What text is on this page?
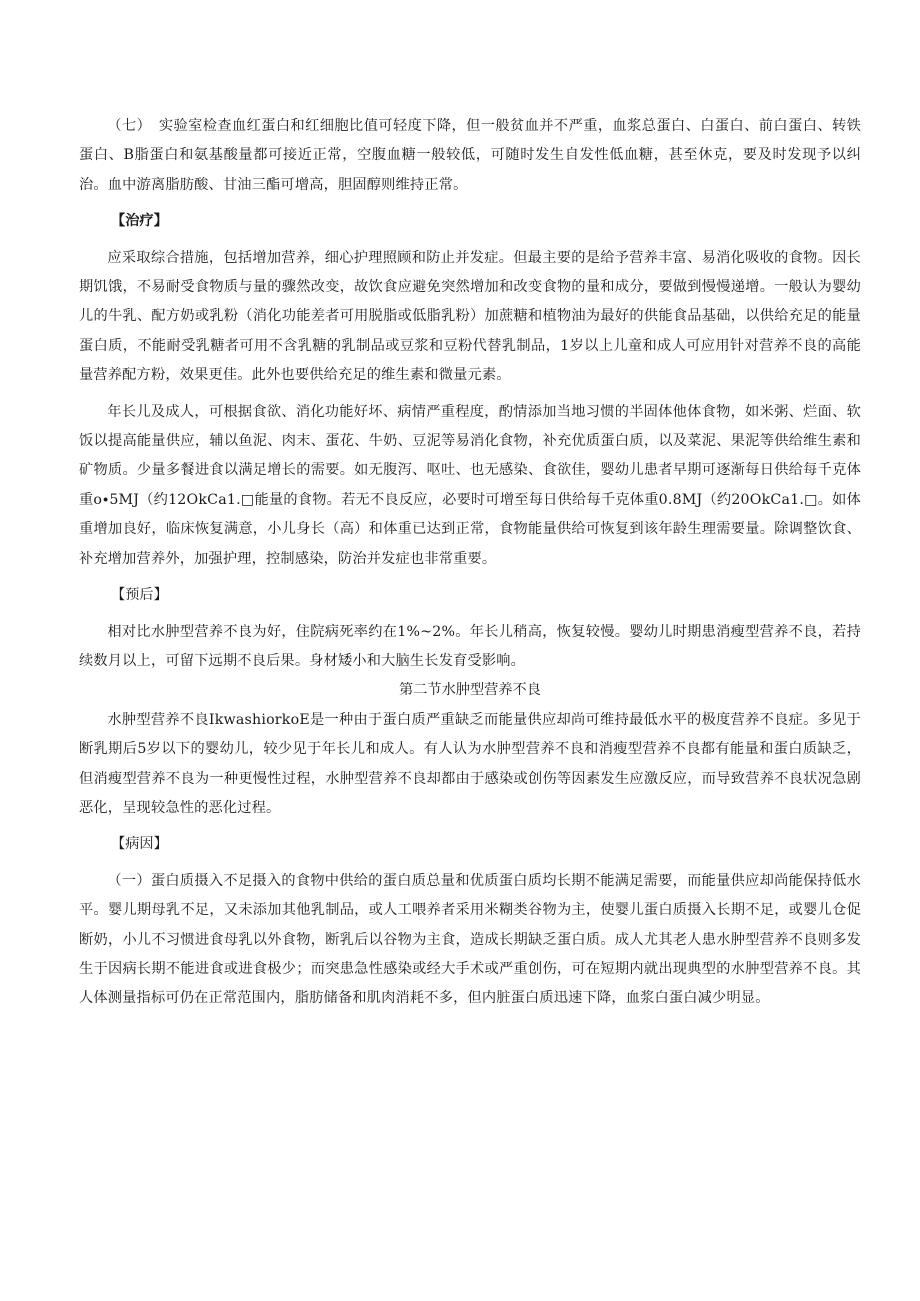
（七）　实验室检查血红蛋白和红细胞比值可轻度下降，但一般贫血并不严重，血浆总蛋白、白蛋白、前白蛋白、转铁蛋白、B脂蛋白和氨基酸量都可接近正常，空腹血糖一般较低，可随时发生自发性低血糖，甚至休克，要及时发现予以纠治。血中游离脂肪酸、甘油三酯可增高，胆固醇则维持正常。

【治疗】

应采取综合措施，包括增加营养，细心护理照顾和防止并发症。但最主要的是给予营养丰富、易消化吸收的食物。因长期饥饿，不易耐受食物质与量的骤然改变，故饮食应避免突然增加和改变食物的量和成分，要做到慢慢递增。一般认为婴幼儿的牛乳、配方奶或乳粉（消化功能差者可用脱脂或低脂乳粉）加蔗糖和植物油为最好的供能食品基础，以供给充足的能量蛋白质，不能耐受乳糖者可用不含乳糖的乳制品或豆浆和豆粉代替乳制品，1岁以上儿童和成人可应用针对营养不良的高能量营养配方粉，效果更佳。此外也要供给充足的维生素和微量元素。

年长儿及成人，可根据食欲、消化功能好坏、病情严重程度，酌情添加当地习惯的半固体他体食物，如米粥、烂面、软饭以提高能量供应，辅以鱼泥、肉末、蛋花、牛奶、豆泥等易消化食物，补充优质蛋白质，以及菜泥、果泥等供给维生素和矿物质。少量多餐进食以满足增长的需要。如无腹泻、呕吐、也无感染、食欲佳，婴幼儿患者早期可逐渐每日供给每千克体重o∙5MJ（约12OkCa1.□能量的食物。若无不良反应，必要时可增至每日供给每千克体重0.8MJ（约20OkCa1.□。如体重增加良好，临床恢复满意，小儿身长（高）和体重已达到正常，食物能量供给可恢复到该年龄生理需要量。除调整饮食、补充增加营养外，加强护理，控制感染，防治并发症也非常重要。

【预后】

相对比水肿型营养不良为好，住院病死率约在1%~2%。年长儿稍高，恢复较慢。婴幼儿时期患消瘦型营养不良，若持续数月以上，可留下远期不良后果。身材矮小和大脑生长发育受影响。

第二节水肿型营养不良

水肿型营养不良IkwashiorkoE是一种由于蛋白质严重缺乏而能量供应却尚可维持最低水平的极度营养不良症。多见于断乳期后5岁以下的婴幼儿，较少见于年长儿和成人。有人认为水肿型营养不良和消瘦型营养不良都有能量和蛋白质缺乏，但消瘦型营养不良为一种更慢性过程，水肿型营养不良却都由于感染或创伤等因素发生应激反应，而导致营养不良状况急剧恶化，呈现较急性的恶化过程。

【病因】

（一）蛋白质摄入不足摄入的食物中供给的蛋白质总量和优质蛋白质均长期不能满足需要，而能量供应却尚能保持低水平。婴儿期母乳不足，又未添加其他乳制品，或人工喂养者采用米糊类谷物为主，使婴儿蛋白质摄入长期不足，或婴儿仓促断奶，小儿不习惯进食母乳以外食物，断乳后以谷物为主食，造成长期缺乏蛋白质。成人尤其老人患水肿型营养不良则多发生于因病长期不能进食或进食极少；而突患急性感染或经大手术或严重创伤，可在短期内就出现典型的水肿型营养不良。其人体测量指标可仍在正常范围内，脂肪储备和肌肉消耗不多，但内脏蛋白质迅速下降，血浆白蛋白减少明显。
